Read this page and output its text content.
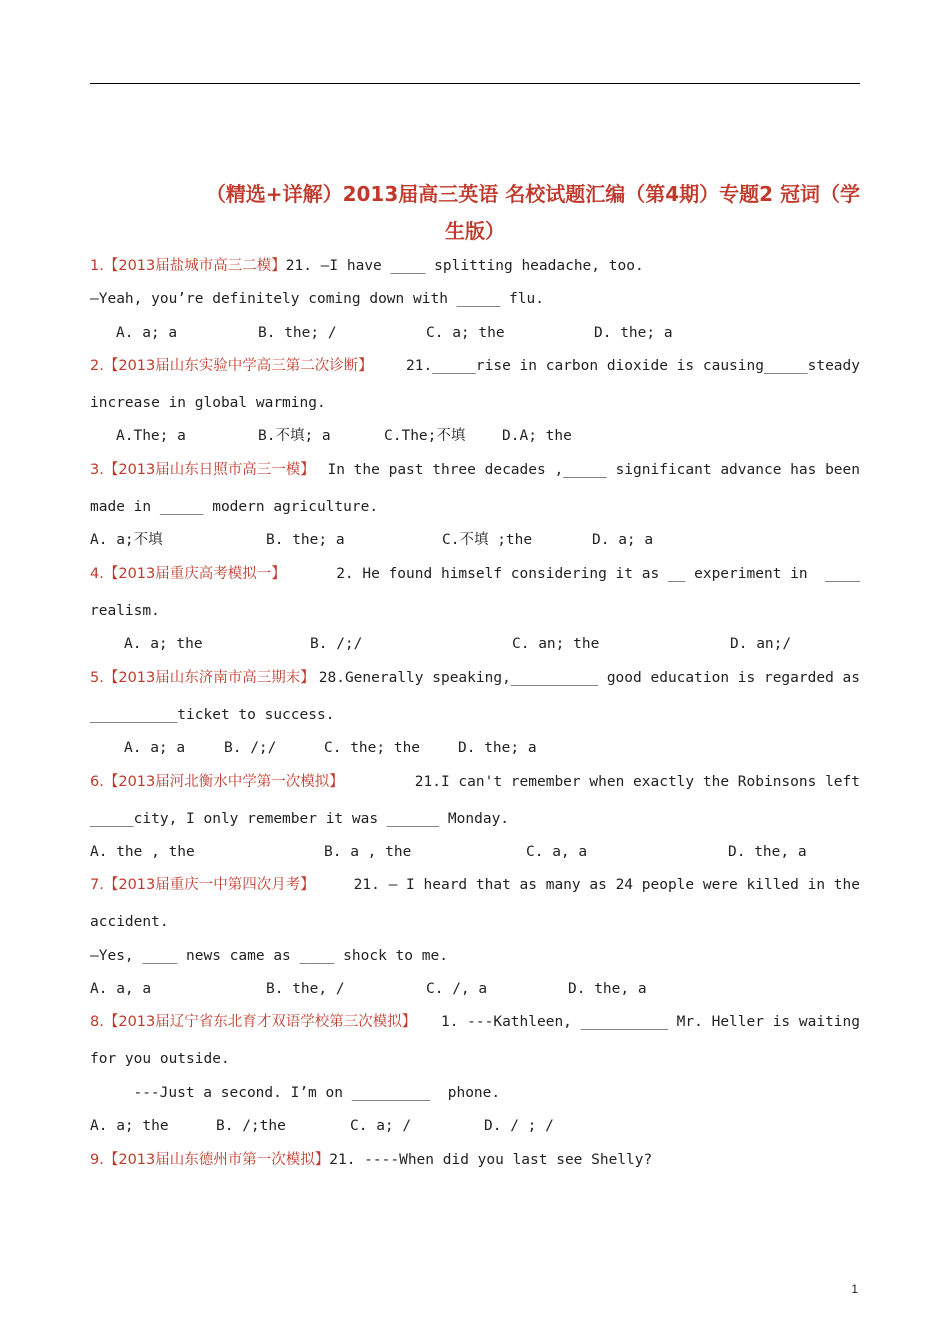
（精选+详解）2013届高三英语 名校试题汇编（第4期）专题2 冠词（学
生版）
1.【2013届盐城市高三二模】21. —I have ____ splitting headache, too.
—Yeah, you’re definitely coming down with _____ flu.
A. a; a	B. the; /	C. a; the	D. the; a
2.【2013届山东实验中学高三第二次诊断】 21._____rise in carbon dioxide is causing_____steady
increase in global warming.
A.The; a	B.不填; a	C.The;不填	D.A; the
3.【2013届山东日照市高三一模】 In the past three decades ,_____ significant advance has been
made in _____ modern agriculture.
A. a;不填	B. the; a	C.不填 ;the	D. a; a
4.【2013届重庆高考模拟一】	2. He found himself considering it as __ experiment in  ____
realism.
A. a; the	B. /;/	C. an; the	D. an;/
5.【2013届山东济南市高三期末】 28.Generally speaking,__________ good education is regarded as
__________ticket to success.
A. a; a	B. /;/	C. the; the	D. the; a
6.【2013届河北衡水中学第一次模拟】	21.I can't remember when exactly the Robinsons left
_____city, I only remember it was ______ Monday.
A. the , the	B. a , the	C. a, a	D. the, a
7.【2013届重庆一中第四次月考】	21. — I heard that as many as 24 people were killed in the
accident.
—Yes, ____ news came as ____ shock to me.
A. a, a	B. the, /	C. /, a	D. the, a
8.【2013届辽宁省东北育才双语学校第三次模拟】 1. ---Kathleen, __________ Mr. Heller is waiting
for you outside.
---Just a second. I’m on _________  phone.
A. a; the	B. /;the	C. a; /	D. / ; /
9.【2013届山东德州市第一次模拟】21. ----When did you last see Shelly?
1
